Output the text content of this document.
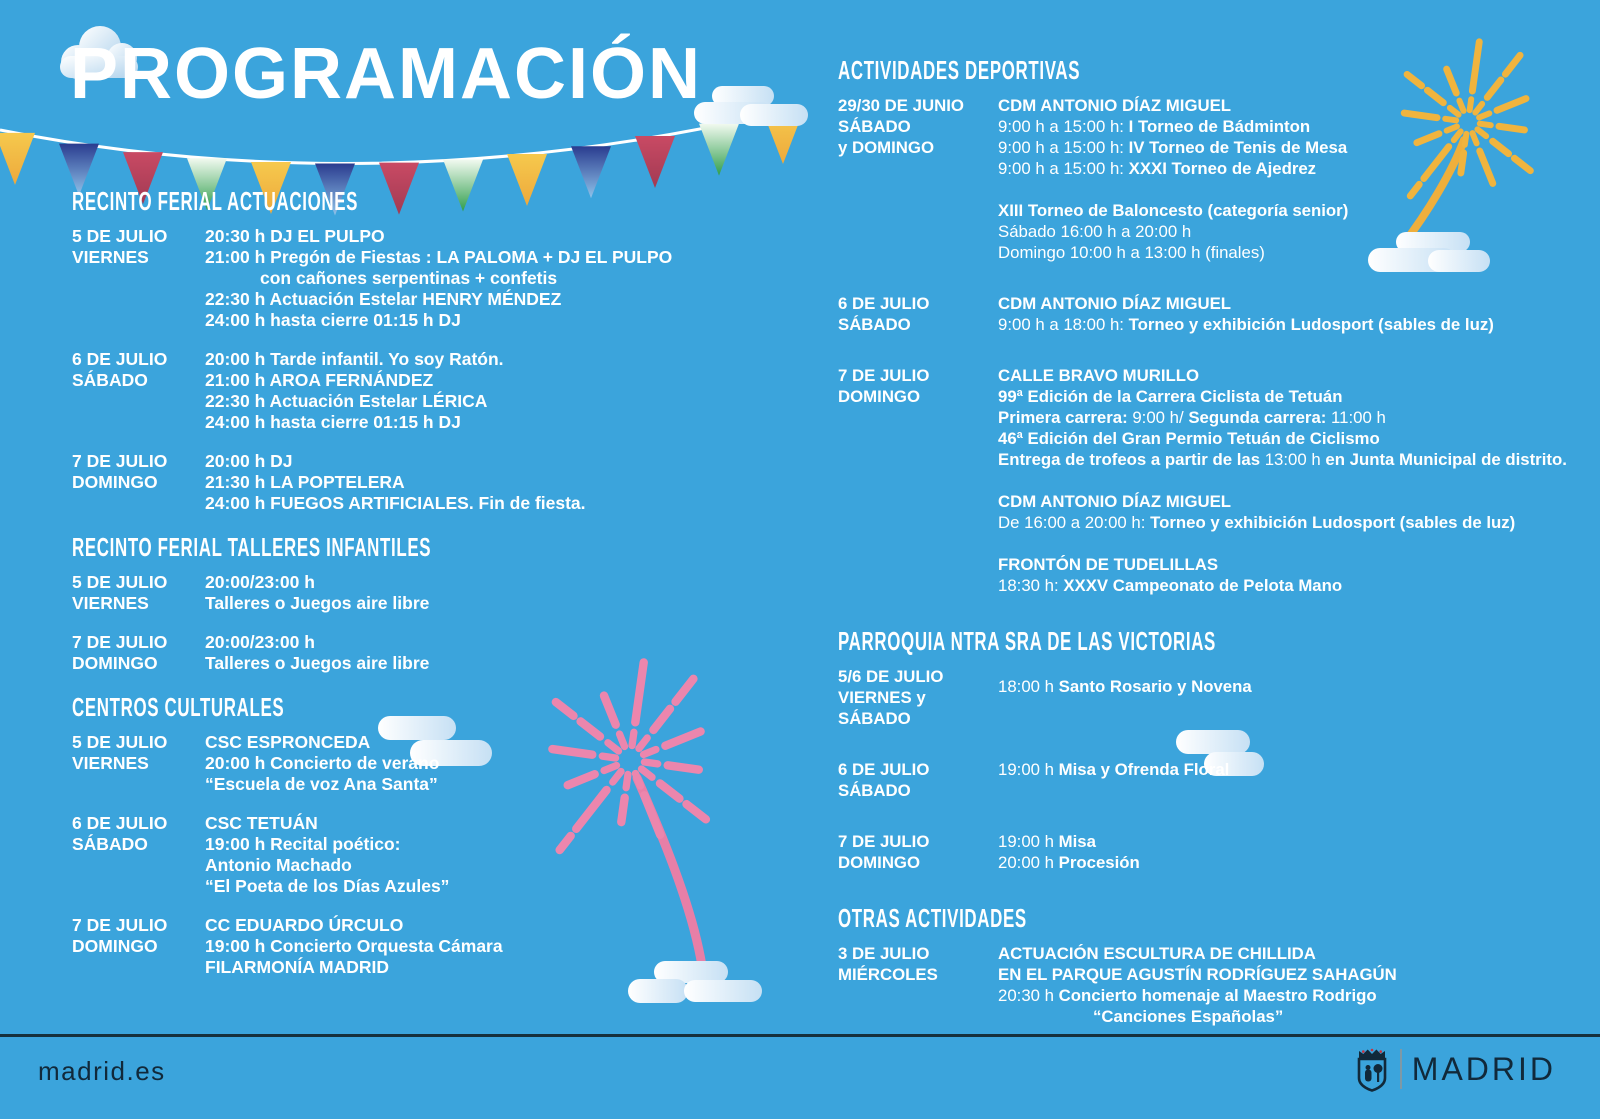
PROGRAMACIÓN
RECINTO FERIAL ACTUACIONES
5 DE JULIO
VIERNES
20:30 h DJ EL PULPO
21:00 h Pregón de Fiestas : LA PALOMA + DJ EL PULPO
con cañones serpentinas + confetis
22:30 h Actuación Estelar HENRY MÉNDEZ
24:00 h hasta cierre 01:15 h DJ
6 DE JULIO
SÁBADO
20:00 h Tarde infantil. Yo soy Ratón.
21:00 h AROA FERNÁNDEZ
22:30 h Actuación Estelar LÉRICA
24:00 h hasta cierre 01:15 h DJ
7 DE JULIO
DOMINGO
20:00 h DJ
21:30 h LA POPTELERA
24:00 h FUEGOS ARTIFICIALES. Fin de fiesta.
RECINTO FERIAL TALLERES INFANTILES
5 DE JULIO
VIERNES
20:00/23:00 h
Talleres o Juegos aire libre
7 DE JULIO
DOMINGO
20:00/23:00 h
Talleres o Juegos aire libre
CENTROS CULTURALES
5 DE JULIO
VIERNES
CSC ESPRONCEDA
20:00 h Concierto de verano
“Escuela de voz Ana Santa”
6 DE JULIO
SÁBADO
CSC TETUÁN
19:00 h Recital poético:
Antonio Machado
“El Poeta de los Días Azules”
7 DE JULIO
DOMINGO
CC EDUARDO ÚRCULO
19:00 h Concierto Orquesta Cámara
FILARMONÍA MADRID
ACTIVIDADES DEPORTIVAS
29/30 DE JUNIO
SÁBADO
y DOMINGO
CDM ANTONIO DÍAZ MIGUEL
9:00 h a 15:00 h: I Torneo de Bádminton
9:00 h a 15:00 h: IV Torneo de Tenis de Mesa
9:00 h a 15:00 h: XXXI Torneo de Ajedrez
XIII Torneo de Baloncesto (categoría senior)
Sábado 16:00 h a 20:00 h
Domingo 10:00 h a 13:00 h (finales)
6 DE JULIO
SÁBADO
CDM ANTONIO DÍAZ MIGUEL
9:00 h a 18:00 h: Torneo y exhibición Ludosport (sables de luz)
7 DE JULIO
DOMINGO
CALLE BRAVO MURILLO
99ª Edición de la Carrera Ciclista de Tetuán
Primera carrera: 9:00 h/ Segunda carrera: 11:00 h
46ª Edición del Gran Permio Tetuán de Ciclismo
Entrega de trofeos a partir de las 13:00 h en Junta Municipal de distrito.
CDM ANTONIO DÍAZ MIGUEL
De 16:00 a 20:00 h: Torneo y exhibición Ludosport (sables de luz)
FRONTÓN DE TUDELILLAS
18:30 h: XXXV Campeonato de Pelota Mano
PARROQUIA NTRA SRA DE LAS VICTORIAS
5/6 DE JULIO
VIERNES y SÁBADO
18:00 h Santo Rosario y Novena
6 DE JULIO
SÁBADO
19:00 h Misa y Ofrenda Floral
7 DE JULIO
DOMINGO
19:00 h Misa
20:00 h Procesión
OTRAS ACTIVIDADES
3 DE JULIO
MIÉRCOLES
ACTUACIÓN ESCULTURA DE CHILLIDA
EN EL PARQUE AGUSTÍN RODRÍGUEZ SAHAGÚN
20:30 h Concierto homenaje al Maestro Rodrigo
“Canciones Españolas”
madrid.es	MADRID
